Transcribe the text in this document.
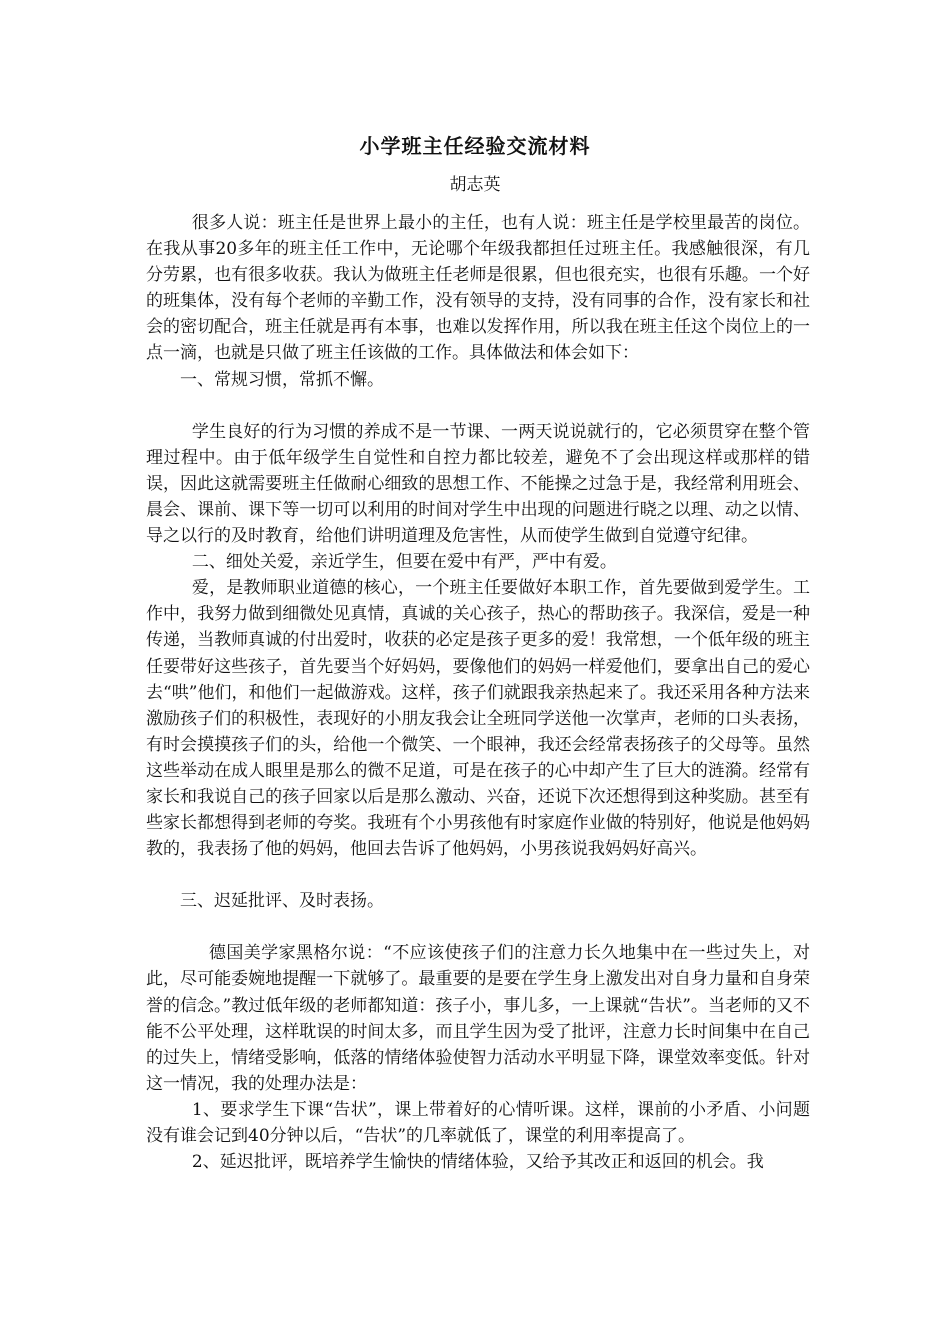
小学班主任经验交流材料
胡志英

很多人说：班主任是世界上最小的主任，也有人说：班主任是学校里最苦的岗位。在我从事20多年的班主任工作中，无论哪个年级我都担任过班主任。我感触很深，有几分劳累，也有很多收获。我认为做班主任老师是很累，但也很充实，也很有乐趣。一个好的班集体，没有每个老师的辛勤工作，没有领导的支持，没有同事的合作，没有家长和社会的密切配合，班主任就是再有本事，也难以发挥作用，所以我在班主任这个岗位上的一点一滴，也就是只做了班主任该做的工作。具体做法和体会如下：

一、常规习惯，常抓不懈。

学生良好的行为习惯的养成不是一节课、一两天说说就行的，它必须贯穿在整个管理过程中。由于低年级学生自觉性和自控力都比较差，避免不了会出现这样或那样的错误，因此这就需要班主任做耐心细致的思想工作、不能操之过急于是，我经常利用班会、晨会、课前、课下等一切可以利用的时间对学生中出现的问题进行晓之以理、动之以情、导之以行的及时教育，给他们讲明道理及危害性，从而使学生做到自觉遵守纪律。

二、细处关爱，亲近学生，但要在爱中有严，严中有爱。

爱，是教师职业道德的核心，一个班主任要做好本职工作，首先要做到爱学生。工作中，我努力做到细微处见真情，真诚的关心孩子，热心的帮助孩子。我深信，爱是一种传递，当教师真诚的付出爱时，收获的必定是孩子更多的爱！我常想，一个低年级的班主任要带好这些孩子，首先要当个好妈妈，要像他们的妈妈一样爱他们，要拿出自己的爱心去“哄”他们，和他们一起做游戏。这样，孩子们就跟我亲热起来了。我还采用各种方法来激励孩子们的积极性，表现好的小朋友我会让全班同学送他一次掌声，老师的口头表扬，有时会摸摸孩子们的头，给他一个微笑、一个眼神，我还会经常表扬孩子的父母等。虽然这些举动在成人眼里是那么的微不足道，可是在孩子的心中却产生了巨大的涟漪。经常有家长和我说自己的孩子回家以后是那么激动、兴奋，还说下次还想得到这种奖励。甚至有些家长都想得到老师的夸奖。我班有个小男孩他有时家庭作业做的特别好，他说是他妈妈教的，我表扬了他的妈妈，他回去告诉了他妈妈，小男孩说我妈妈好高兴。

三、迟延批评、及时表扬。

德国美学家黑格尔说：“不应该使孩子们的注意力长久地集中在一些过失上，对此，尽可能委婉地提醒一下就够了。最重要的是要在学生身上激发出对自身力量和自身荣誉的信念。”教过低年级的老师都知道：孩子小，事儿多，一上课就“告状”。当老师的又不能不公平处理，这样耽误的时间太多，而且学生因为受了批评，注意力长时间集中在自己的过失上，情绪受影响，低落的情绪体验使智力活动水平明显下降，课堂效率变低。针对这一情况，我的处理办法是：

1、要求学生下课“告状”，课上带着好的心情听课。这样，课前的小矛盾、小问题没有谁会记到40分钟以后，“告状”的几率就低了，课堂的利用率提高了。

2、延迟批评，既培养学生愉快的情绪体验，又给予其改正和返回的机会。我
